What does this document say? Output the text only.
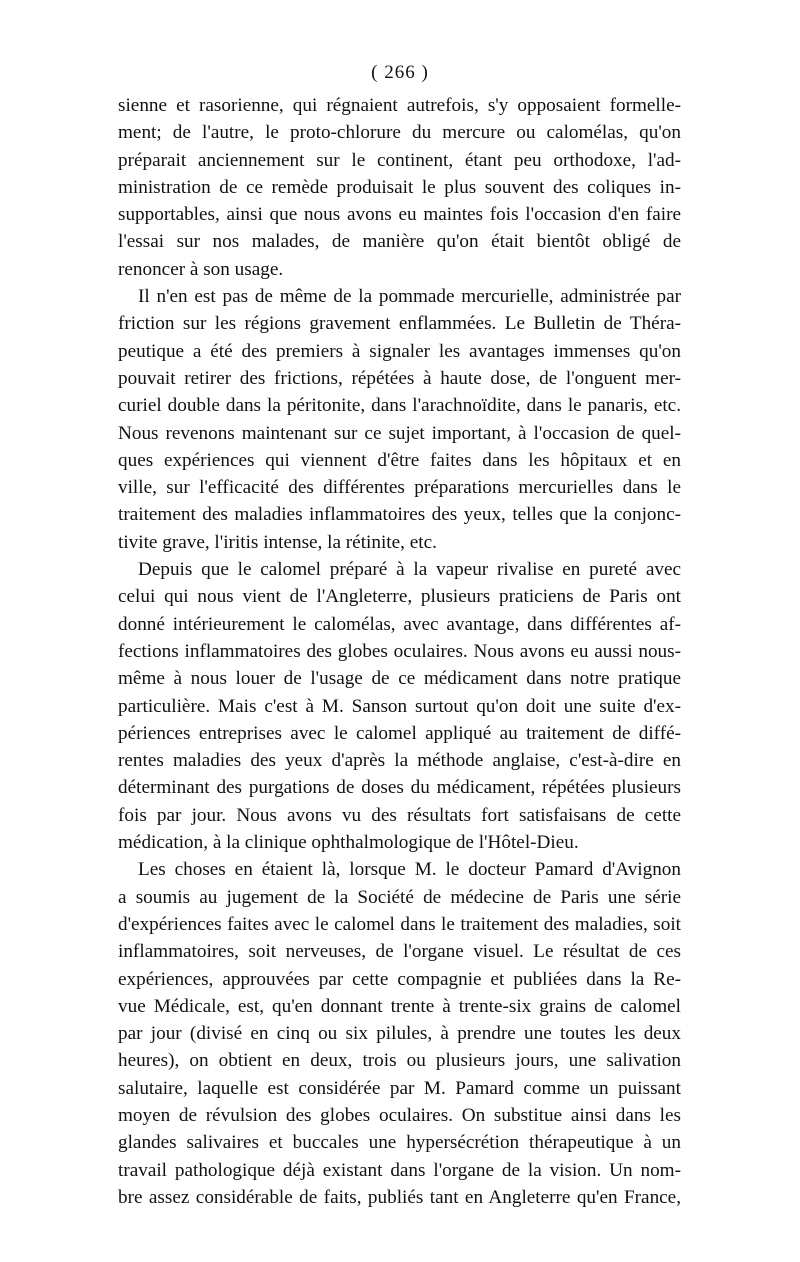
( 266 )
sienne et rasorienne, qui régnaient autrefois, s'y opposaient formelle-
ment; de l'autre, le proto-chlorure du mercure ou calomélas, qu'on
préparait anciennement sur le continent, étant peu orthodoxe, l'ad-
ministration de ce remède produisait le plus souvent des coliques in-
supportables, ainsi que nous avons eu maintes fois l'occasion d'en faire
l'essai sur nos malades, de manière qu'on était bientôt obligé de
renoncer à son usage.
Il n'en est pas de même de la pommade mercurielle, administrée par
friction sur les régions gravement enflammées. Le Bulletin de Théra-
peutique a été des premiers à signaler les avantages immenses qu'on
pouvait retirer des frictions, répétées à haute dose, de l'onguent mer-
curiel double dans la péritonite, dans l'arachnoïdite, dans le panaris, etc.
Nous revenons maintenant sur ce sujet important, à l'occasion de quel-
ques expériences qui viennent d'être faites dans les hôpitaux et en
ville, sur l'efficacité des différentes préparations mercurielles dans le
traitement des maladies inflammatoires des yeux, telles que la conjonc-
tivite grave, l'iritis intense, la rétinite, etc.
Depuis que le calomel préparé à la vapeur rivalise en pureté avec
celui qui nous vient de l'Angleterre, plusieurs praticiens de Paris ont
donné intérieurement le calomélas, avec avantage, dans différentes af-
fections inflammatoires des globes oculaires. Nous avons eu aussi nous-
même à nous louer de l'usage de ce médicament dans notre pratique
particulière. Mais c'est à M. Sanson surtout qu'on doit une suite d'ex-
périences entreprises avec le calomel appliqué au traitement de diffé-
rentes maladies des yeux d'après la méthode anglaise, c'est-à-dire en
déterminant des purgations de doses du médicament, répétées plusieurs
fois par jour. Nous avons vu des résultats fort satisfaisans de cette
médication, à la clinique ophthalmologique de l'Hôtel-Dieu.
Les choses en étaient là, lorsque M. le docteur Pamard d'Avignon
a soumis au jugement de la Société de médecine de Paris une série
d'expériences faites avec le calomel dans le traitement des maladies, soit
inflammatoires, soit nerveuses, de l'organe visuel. Le résultat de ces
expériences, approuvées par cette compagnie et publiées dans la Re-
vue Médicale, est, qu'en donnant trente à trente-six grains de calomel
par jour (divisé en cinq ou six pilules, à prendre une toutes les deux
heures), on obtient en deux, trois ou plusieurs jours, une salivation
salutaire, laquelle est considérée par M. Pamard comme un puissant
moyen de révulsion des globes oculaires. On substitue ainsi dans les
glandes salivaires et buccales une hypersécrétion thérapeutique à un
travail pathologique déjà existant dans l'organe de la vision. Un nom-
bre assez considérable de faits, publiés tant en Angleterre qu'en France,
